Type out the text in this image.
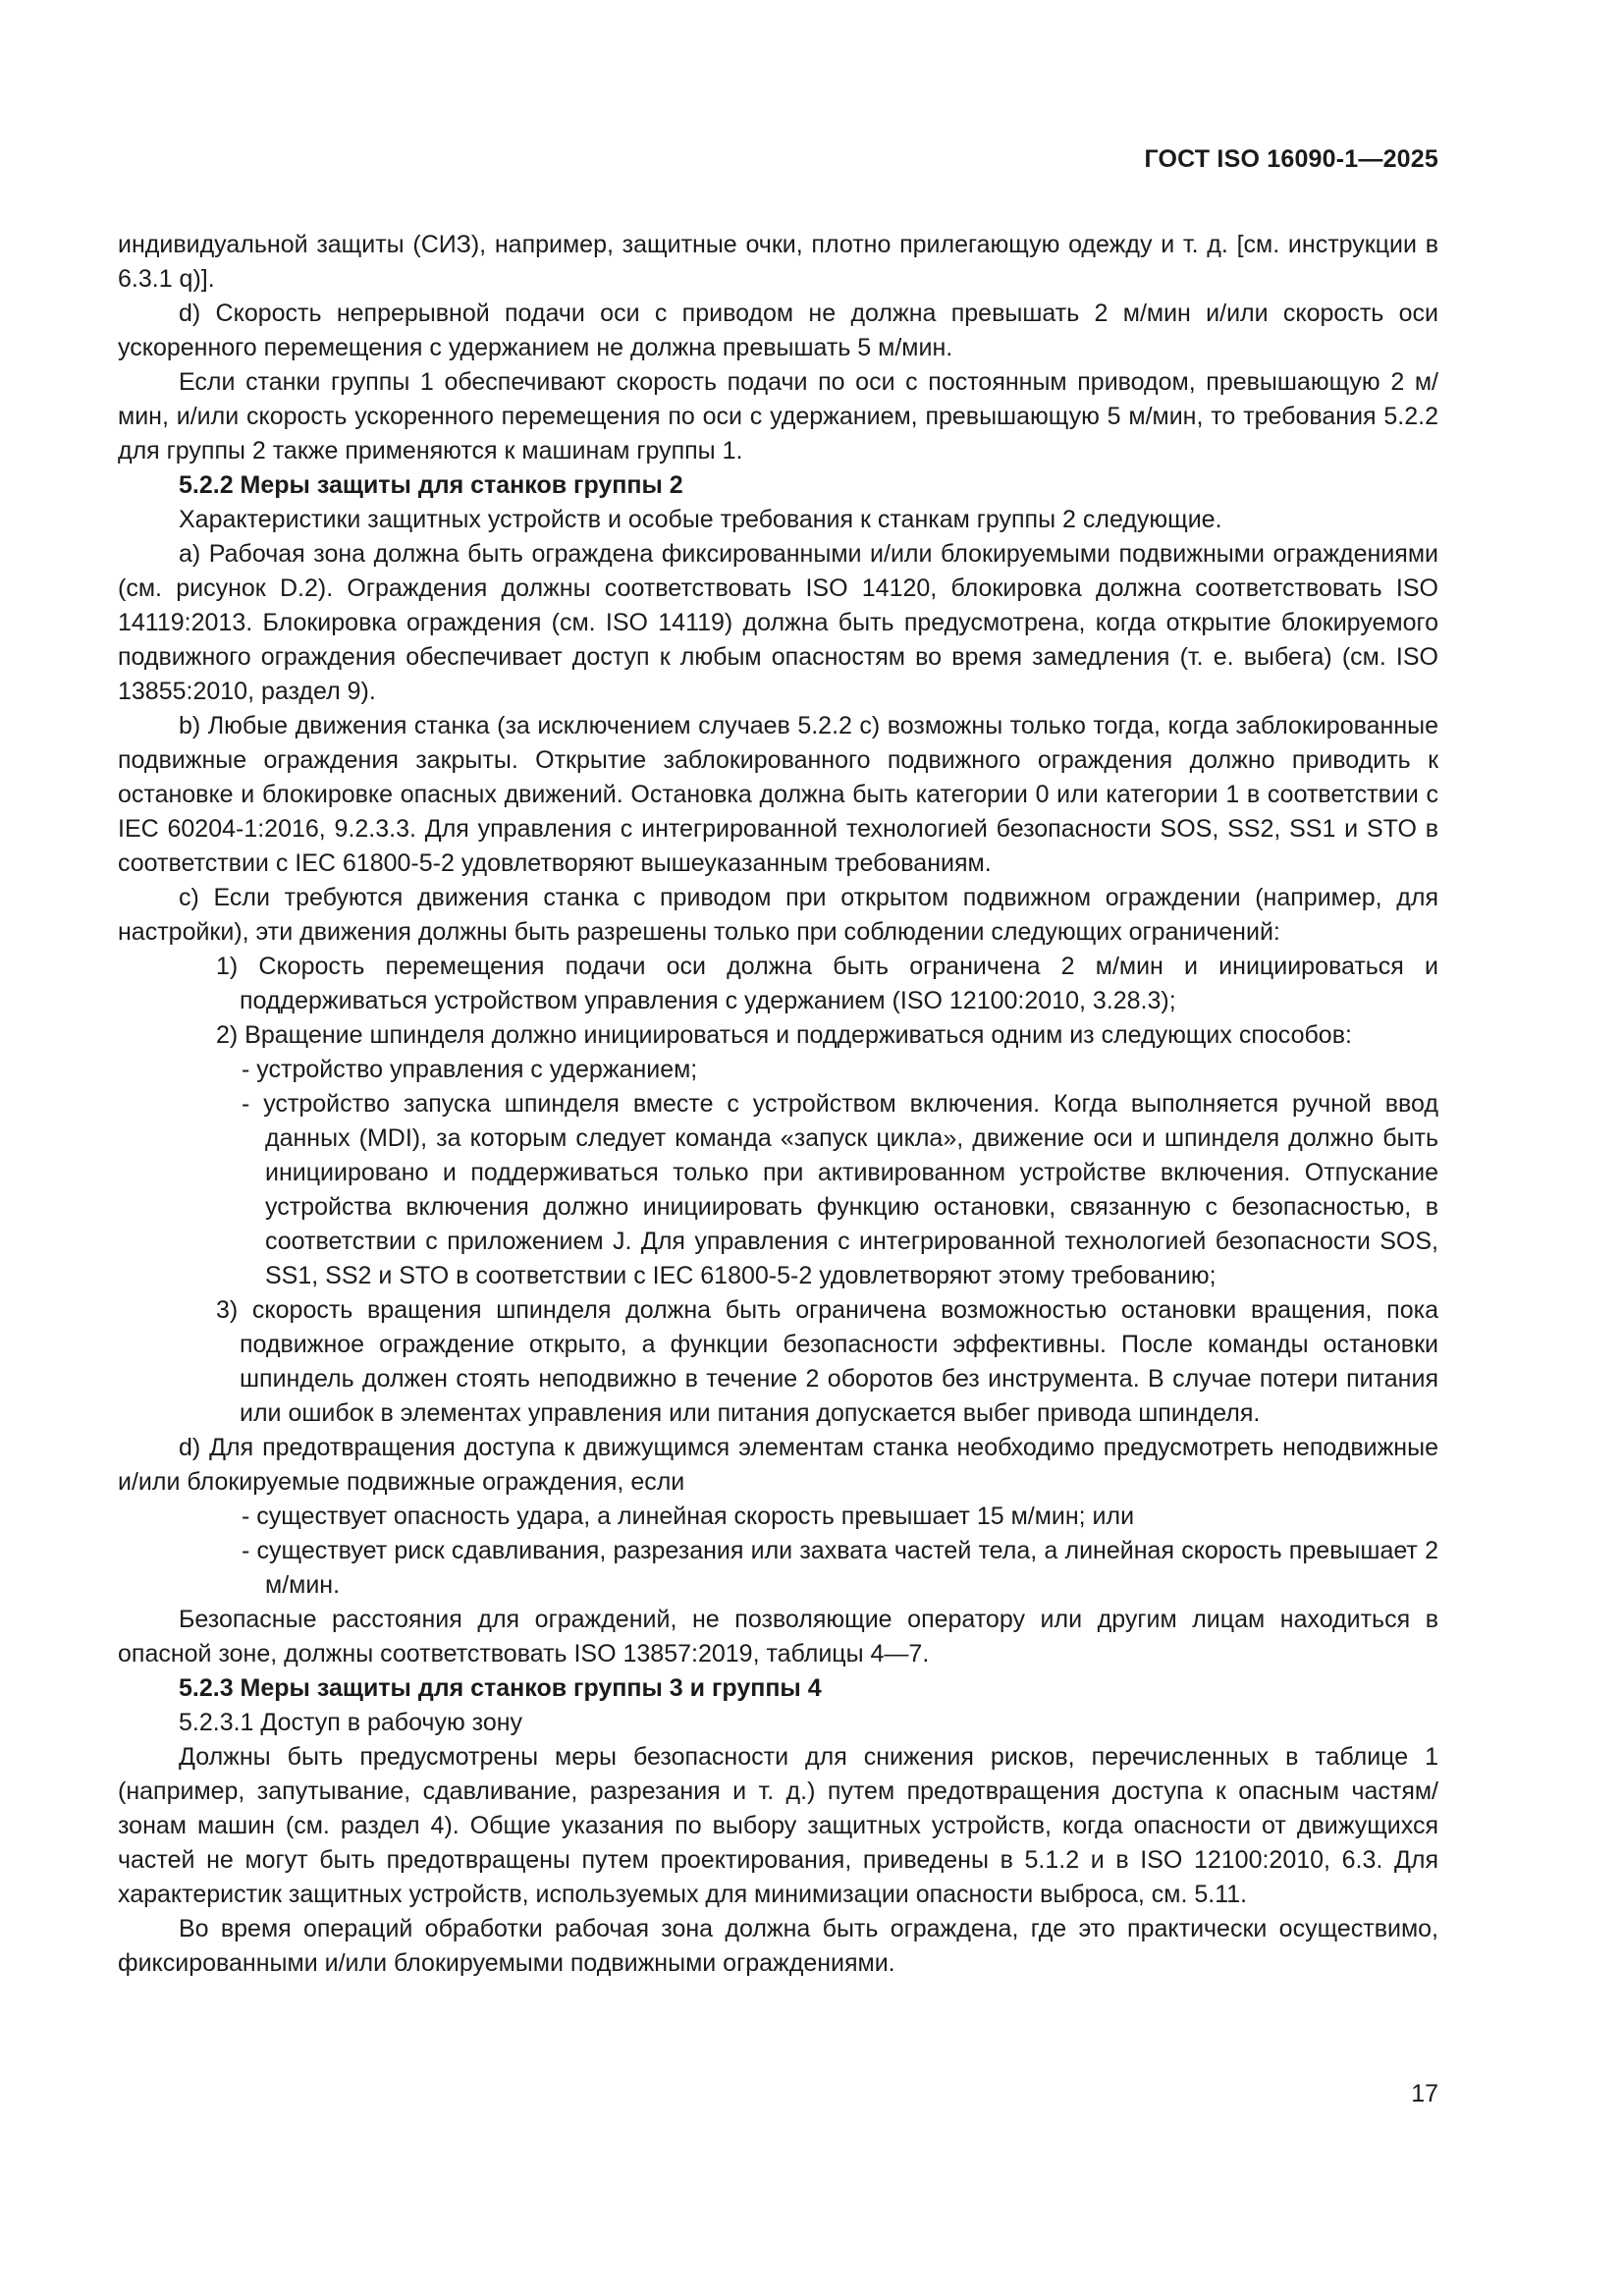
ГОСТ ISO 16090-1—2025

индивидуальной защиты (СИЗ), например, защитные очки, плотно прилегающую одежду и т. д. [см. инструкции в 6.3.1 q)].

d) Скорость непрерывной подачи оси с приводом не должна превышать 2 м/мин и/или скорость оси ускоренного перемещения с удержанием не должна превышать 5 м/мин.

Если станки группы 1 обеспечивают скорость подачи по оси с постоянным приводом, превышающую 2 м/мин, и/или скорость ускоренного перемещения по оси с удержанием, превышающую 5 м/мин, то требования 5.2.2 для группы 2 также применяются к машинам группы 1.

5.2.2 Меры защиты для станков группы 2

Характеристики защитных устройств и особые требования к станкам группы 2 следующие.

a) Рабочая зона должна быть ограждена фиксированными и/или блокируемыми подвижными ограждениями (см. рисунок D.2). Ограждения должны соответствовать ISO 14120, блокировка должна соответствовать ISO 14119:2013. Блокировка ограждения (см. ISO 14119) должна быть предусмотрена, когда открытие блокируемого подвижного ограждения обеспечивает доступ к любым опасностям во время замедления (т. е. выбега) (см. ISO 13855:2010, раздел 9).

b) Любые движения станка (за исключением случаев 5.2.2 с) возможны только тогда, когда заблокированные подвижные ограждения закрыты. Открытие заблокированного подвижного ограждения должно приводить к остановке и блокировке опасных движений. Остановка должна быть категории 0 или категории 1 в соответствии с IEC 60204-1:2016, 9.2.3.3. Для управления с интегрированной технологией безопасности SOS, SS2, SS1 и STO в соответствии с IEC 61800-5-2 удовлетворяют вышеуказанным требованиям.

c) Если требуются движения станка с приводом при открытом подвижном ограждении (например, для настройки), эти движения должны быть разрешены только при соблюдении следующих ограничений:

1) Скорость перемещения подачи оси должна быть ограничена 2 м/мин и инициироваться и поддерживаться устройством управления с удержанием (ISO 12100:2010, 3.28.3);

2) Вращение шпинделя должно инициироваться и поддерживаться одним из следующих способов:

- устройство управления с удержанием;

- устройство запуска шпинделя вместе с устройством включения. Когда выполняется ручной ввод данных (MDI), за которым следует команда «запуск цикла», движение оси и шпинделя должно быть инициировано и поддерживаться только при активированном устройстве включения. Отпускание устройства включения должно инициировать функцию остановки, связанную с безопасностью, в соответствии с приложением J. Для управления с интегрированной технологией безопасности SOS, SS1, SS2 и STO в соответствии с IEC 61800-5-2 удовлетворяют этому требованию;

3) скорость вращения шпинделя должна быть ограничена возможностью остановки вращения, пока подвижное ограждение открыто, а функции безопасности эффективны. После команды остановки шпиндель должен стоять неподвижно в течение 2 оборотов без инструмента. В случае потери питания или ошибок в элементах управления или питания допускается выбег привода шпинделя.

d) Для предотвращения доступа к движущимся элементам станка необходимо предусмотреть неподвижные и/или блокируемые подвижные ограждения, если

- существует опасность удара, а линейная скорость превышает 15 м/мин; или

- существует риск сдавливания, разрезания или захвата частей тела, а линейная скорость превышает 2 м/мин.

Безопасные расстояния для ограждений, не позволяющие оператору или другим лицам находиться в опасной зоне, должны соответствовать ISO 13857:2019, таблицы 4—7.

5.2.3 Меры защиты для станков группы 3 и группы 4

5.2.3.1 Доступ в рабочую зону

Должны быть предусмотрены меры безопасности для снижения рисков, перечисленных в таблице 1 (например, запутывание, сдавливание, разрезания и т. д.) путем предотвращения доступа к опасным частям/зонам машин (см. раздел 4). Общие указания по выбору защитных устройств, когда опасности от движущихся частей не могут быть предотвращены путем проектирования, приведены в 5.1.2 и в ISO 12100:2010, 6.3. Для характеристик защитных устройств, используемых для минимизации опасности выброса, см. 5.11.

Во время операций обработки рабочая зона должна быть ограждена, где это практически осуществимо, фиксированными и/или блокируемыми подвижными ограждениями.

17
